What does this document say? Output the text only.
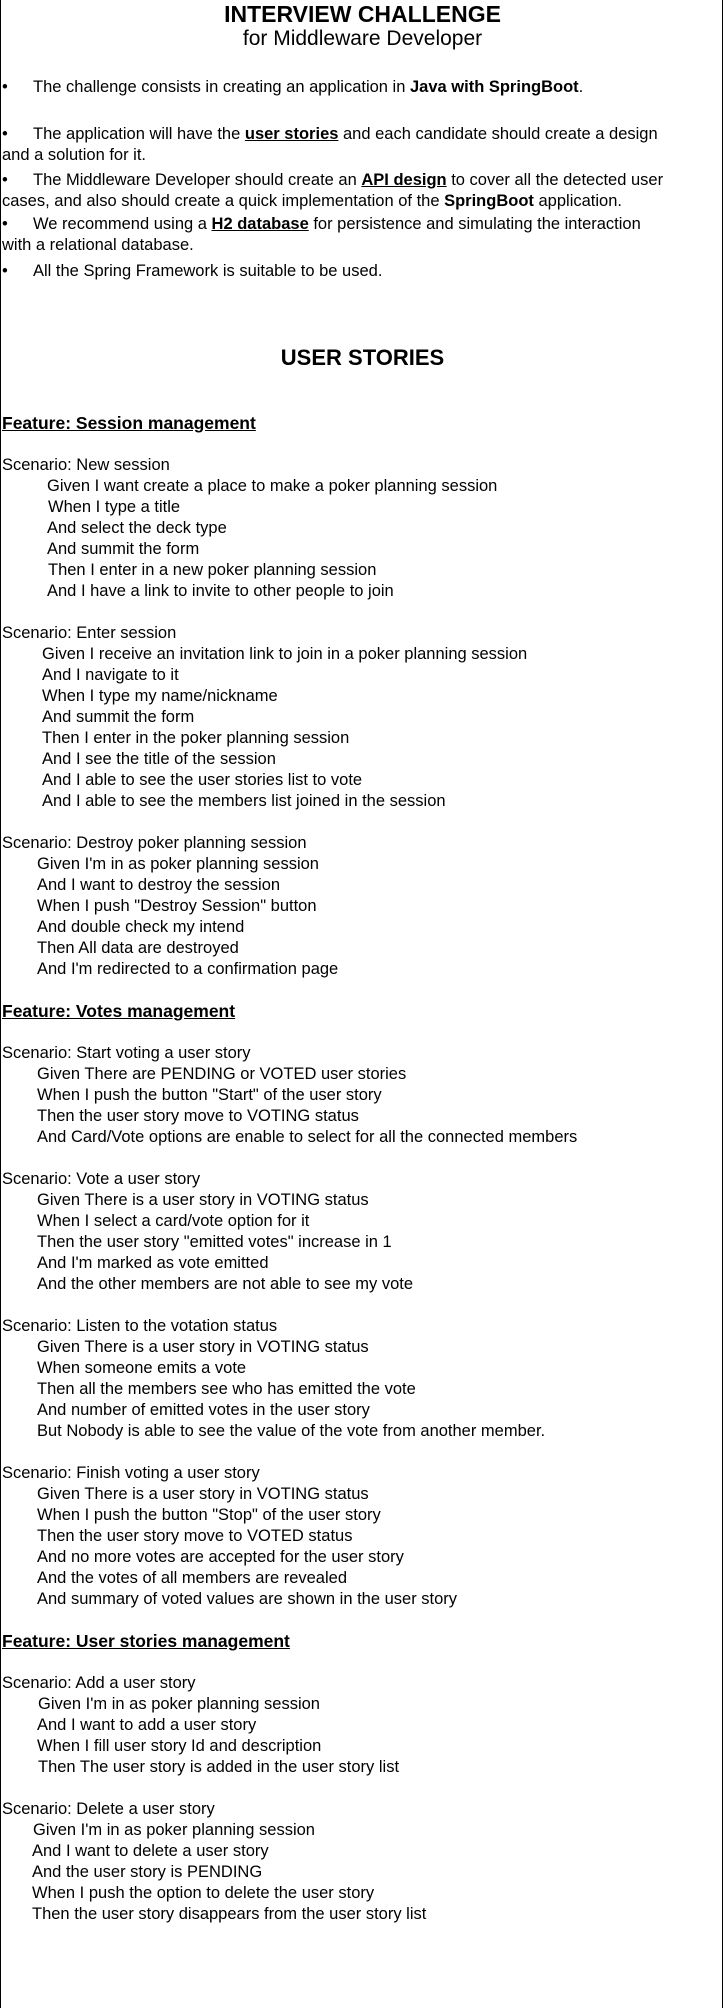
INTERVIEW CHALLENGE
for Middleware Developer
• The challenge consists in creating an application in Java with SpringBoot.
• The application will have the user stories and each candidate should create a design
and a solution for it.
• The Middleware Developer should create an API design to cover all the detected user
cases, and also should create a quick implementation of the SpringBoot application.
• We recommend using a H2 database for persistence and simulating the interaction
with a relational database.
• All the Spring Framework is suitable to be used.
USER STORIES
Feature: Session management
Scenario: New session
Given I want create a place to make a poker planning session
When I type a title
And select the deck type
And summit the form
Then I enter in a new poker planning session
And I have a link to invite to other people to join
Scenario: Enter session
Given I receive an invitation link to join in a poker planning session
And I navigate to it
When I type my name/nickname
And summit the form
Then I enter in the poker planning session
And I see the title of the session
And I able to see the user stories list to vote
And I able to see the members list joined in the session
Scenario: Destroy poker planning session
Given I'm in as poker planning session
And I want to destroy the session
When I push "Destroy Session" button
And double check my intend
Then All data are destroyed
And I'm redirected to a confirmation page
Feature: Votes management
Scenario: Start voting a user story
Given There are PENDING or VOTED user stories
When I push the button "Start" of the user story
Then the user story move to VOTING status
And Card/Vote options are enable to select for all the connected members
Scenario: Vote a user story
Given There is a user story in VOTING status
When I select a card/vote option for it
Then the user story "emitted votes" increase in 1
And I'm marked as vote emitted
And the other members are not able to see my vote
Scenario: Listen to the votation status
Given There is a user story in VOTING status
When someone emits a vote
Then all the members see who has emitted the vote
And number of emitted votes in the user story
But Nobody is able to see the value of the vote from another member.
Scenario: Finish voting a user story
Given There is a user story in VOTING status
When I push the button "Stop" of the user story
Then the user story move to VOTED status
And no more votes are accepted for the user story
And the votes of all members are revealed
And summary of voted values are shown in the user story
Feature: User stories management
Scenario: Add a user story
Given I'm in as poker planning session
And I want to add a user story
When I fill user story Id and description
Then The user story is added in the user story list
Scenario: Delete a user story
Given I'm in as poker planning session
And I want to delete a user story
And the user story is PENDING
When I push the option to delete the user story
Then the user story disappears from the user story list
